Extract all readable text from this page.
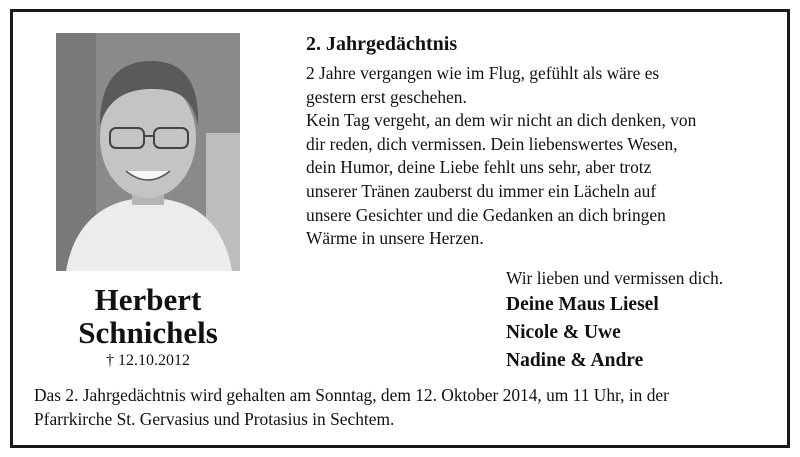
Herbert
Schnichels
† 12.10.2012
2. Jahrgedächtnis
2 Jahre vergangen wie im Flug, gefühlt als wäre es
gestern erst geschehen.
Kein Tag vergeht, an dem wir nicht an dich denken, von
dir reden, dich vermissen. Dein liebenswertes Wesen,
dein Humor, deine Liebe fehlt uns sehr, aber trotz
unserer Tränen zauberst du immer ein Lächeln auf
unsere Gesichter und die Gedanken an dich bringen
Wärme in unsere Herzen.
Wir lieben und vermissen dich.
Deine Maus Liesel
Nicole & Uwe
Nadine & Andre
Das 2. Jahrgedächtnis wird gehalten am Sonntag, dem 12. Oktober 2014, um 11 Uhr, in der
Pfarrkirche St. Gervasius und Protasius in Sechtem.
